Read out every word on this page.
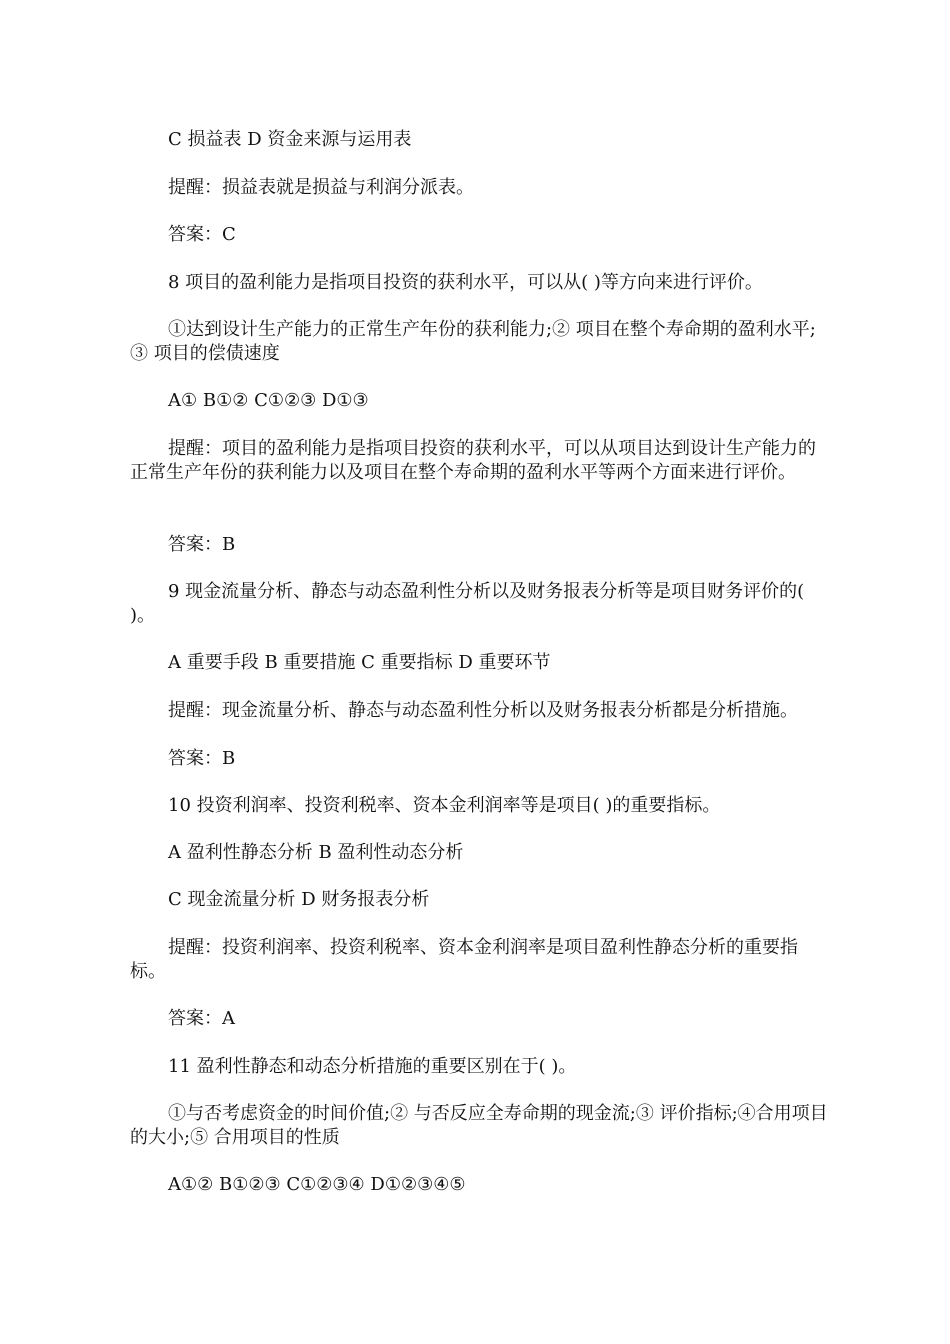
C 损益表 D 资金来源与运用表
提醒：损益表就是损益与利润分派表。
答案：C
8 项目的盈利能力是指项目投资的获利水平，可以从( )等方向来进行评价。
①达到设计生产能力的正常生产年份的获利能力;② 项目在整个寿命期的盈利水平;③ 项目的偿债速度
A① B①② C①②③ D①③
提醒：项目的盈利能力是指项目投资的获利水平，可以从项目达到设计生产能力的正常生产年份的获利能力以及项目在整个寿命期的盈利水平等两个方面来进行评价。
答案：B
9 现金流量分析、静态与动态盈利性分析以及财务报表分析等是项目财务评价的( )。
A 重要手段 B 重要措施 C 重要指标 D 重要环节
提醒：现金流量分析、静态与动态盈利性分析以及财务报表分析都是分析措施。
答案：B
10 投资利润率、投资利税率、资本金利润率等是项目( )的重要指标。
A 盈利性静态分析 B 盈利性动态分析
C 现金流量分析 D 财务报表分析
提醒：投资利润率、投资利税率、资本金利润率是项目盈利性静态分析的重要指标。
答案：A
11 盈利性静态和动态分析措施的重要区别在于( )。
①与否考虑资金的时间价值;② 与否反应全寿命期的现金流;③ 评价指标;④合用项目的大小;⑤ 合用项目的性质
A①② B①②③ C①②③④ D①②③④⑤
